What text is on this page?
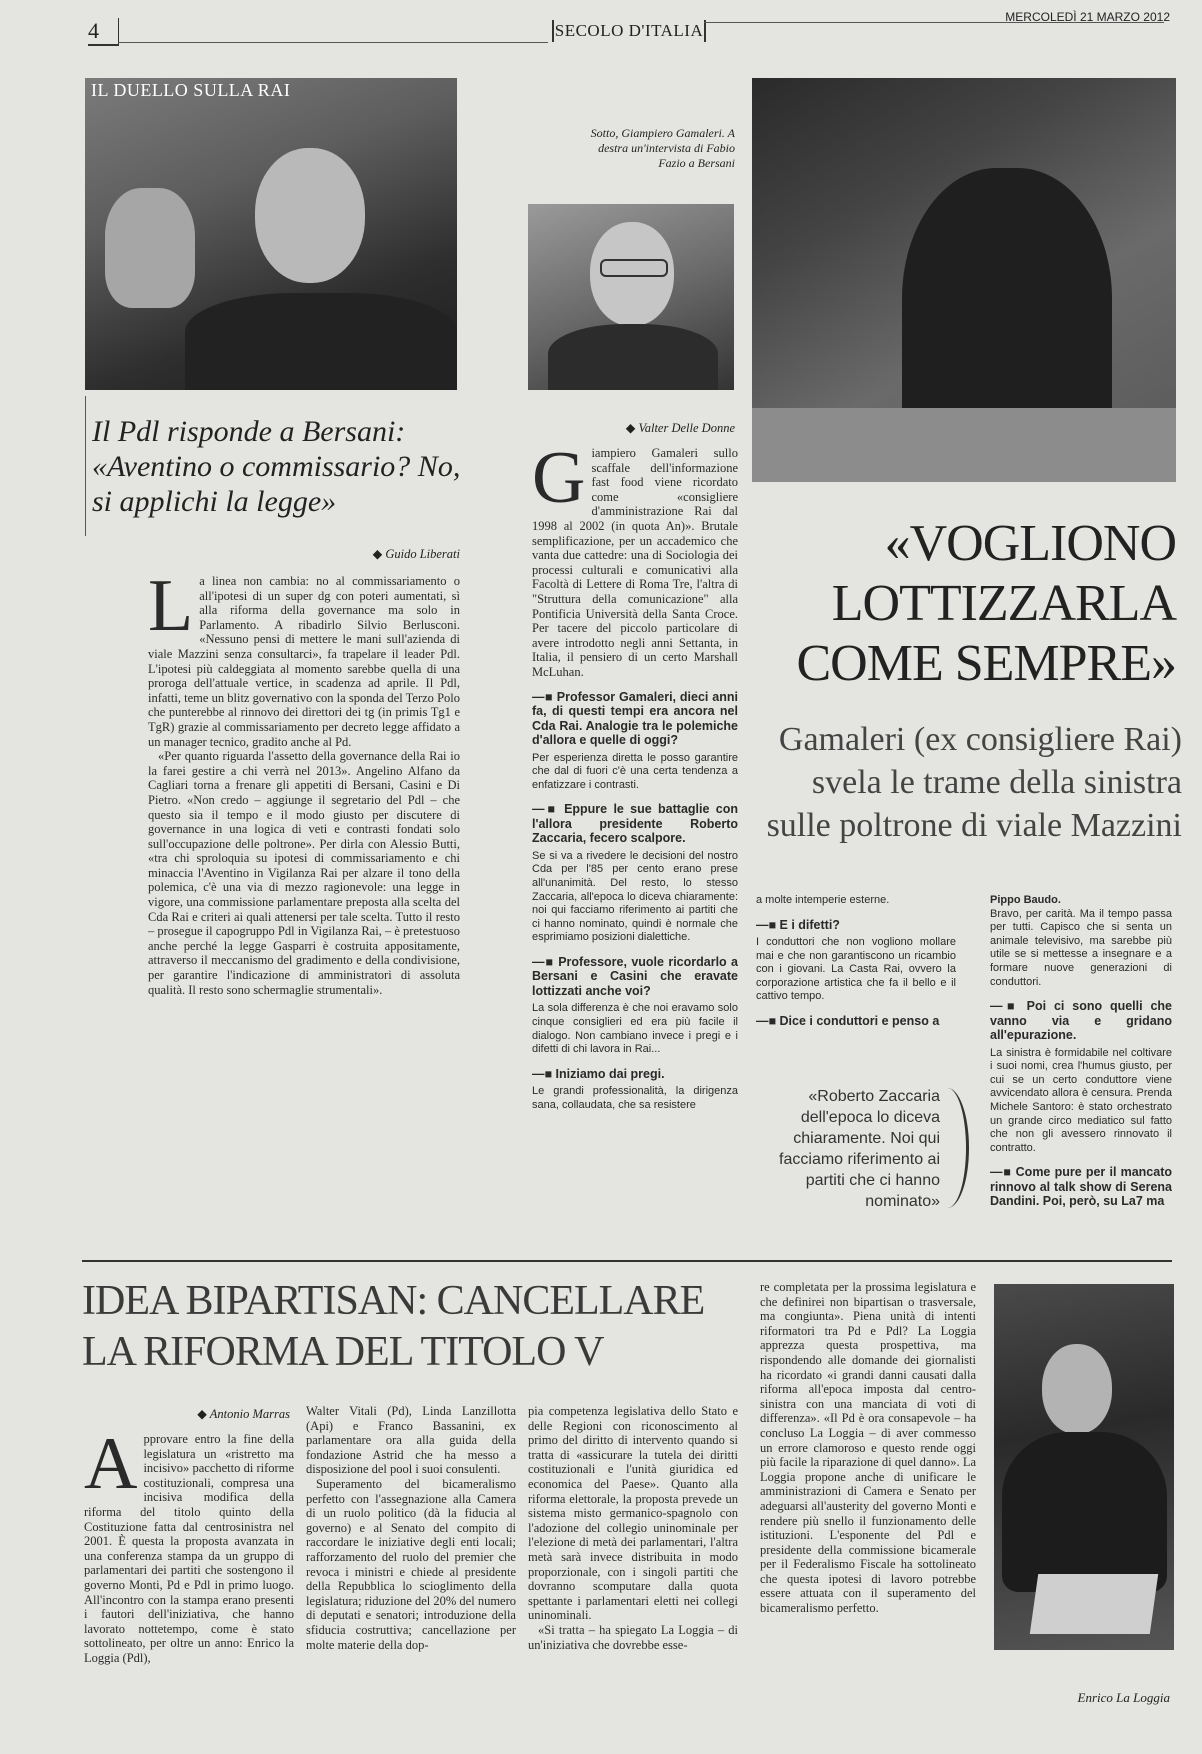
4	SECOLO D'ITALIA
MERCOLEDÌ 21 MARZO 2012
IL DUELLO SULLA RAI
Il Pdl risponde a Bersani: «Aventino o commissario? No, si applichi la legge»
◆ Guido Liberati
L a linea non cambia: no al commissariamento o all'ipotesi di un super dg con poteri aumentati, sì alla riforma della governance ma solo in Parlamento. A ribadirlo Silvio Berlusconi. «Nessuno pensi di mettere le mani sull'azienda di viale Mazzini senza consultarci», fa trapelare il leader Pdl. L'ipotesi più caldeggiata al momento sarebbe quella di una proroga dell'attuale vertice, in scadenza ad aprile. Il Pdl, infatti, teme un blitz governativo con la sponda del Terzo Polo che punterebbe al rinnovo dei direttori dei tg (in primis Tg1 e TgR) grazie al commissariamento per decreto legge affidato a un manager tecnico, gradito anche al Pd.

«Per quanto riguarda l'assetto della governance della Rai io la farei gestire a chi verrà nel 2013». Angelino Alfano da Cagliari torna a frenare gli appetiti di Bersani, Casini e Di Pietro. «Non credo – aggiunge il segretario del Pdl – che questo sia il tempo e il modo giusto per discutere di governance in una logica di veti e contrasti fondati solo sull'occupazione delle poltrone». Per dirla con Alessio Butti, «tra chi sproloquia su ipotesi di commissariamento e chi minaccia l'Aventino in Vigilanza Rai per alzare il tono della polemica, c'è una via di mezzo ragionevole: una legge in vigore, una commissione parlamentare preposta alla scelta del Cda Rai e criteri ai quali attenersi per tale scelta. Tutto il resto – prosegue il capogruppo Pdl in Vigilanza Rai, – è pretestuoso anche perché la legge Gasparri è costruita appositamente, attraverso il meccanismo del gradimento e della condivisione, per garantire l'indicazione di amministratori di assoluta qualità. Il resto sono schermaglie strumentali».

Sotto, Giampiero Gamaleri. A destra un'intervista di Fabio Fazio a Bersani
◆ Valter Delle Donne
G iampiero Gamaleri sullo scaffale dell'informazione fast food viene ricordato come «consigliere d'amministrazione Rai dal 1998 al 2002 (in quota An)». Brutale semplificazione, per un accademico che vanta due cattedre: una di Sociologia dei processi culturali e comunicativi alla Facoltà di Lettere di Roma Tre, l'altra di "Struttura della comunicazione" alla Pontificia Università della Santa Croce. Per tacere del piccolo particolare di avere introdotto negli anni Settanta, in Italia, il pensiero di un certo Marshall McLuhan.
—■ Professor Gamaleri, dieci anni fa, di questi tempi era ancora nel Cda Rai. Analogie tra le polemiche d'allora e quelle di oggi?
Per esperienza diretta le posso garantire che dal di fuori c'è una certa tendenza a enfatizzare i contrasti.
—■ Eppure le sue battaglie con l'allora presidente Roberto Zaccaria, fecero scalpore.
Se si va a rivedere le decisioni del nostro Cda per l'85 per cento erano prese all'unanimità. Del resto, lo stesso Zaccaria, all'epoca lo diceva chiaramente: noi qui facciamo riferimento ai partiti che ci hanno nominato, quindi è normale che esprimiamo posizioni dialettiche.
—■ Professore, vuole ricordarlo a Bersani e Casini che eravate lottizzati anche voi?
La sola differenza è che noi eravamo solo cinque consiglieri ed era più facile il dialogo. Non cambiano invece i pregi e i difetti di chi lavora in Rai...
—■ Iniziamo dai pregi.
Le grandi professionalità, la dirigenza sana, collaudata, che sa resistere
«VOGLIONO LOTTIZZARLA COME SEMPRE»
Gamaleri (ex consigliere Rai) svela le trame della sinistra sulle poltrone di viale Mazzini
a molte intemperie esterne.
—■ E i difetti?
I conduttori che non vogliono mollare mai e che non garantiscono un ricambio con i giovani. La Casta Rai, ovvero la corporazione artistica che fa il bello e il cattivo tempo.
—■ Dice i conduttori e penso a
«Roberto Zaccaria dell'epoca lo diceva chiaramente. Noi qui facciamo riferimento ai partiti che ci hanno nominato»
Pippo Baudo.
Bravo, per carità. Ma il tempo passa per tutti. Capisco che si senta un animale televisivo, ma sarebbe più utile se si mettesse a insegnare e a formare nuove generazioni di conduttori.
—■ Poi ci sono quelli che vanno via e gridano all'epurazione.
La sinistra è formidabile nel coltivare i suoi nomi, crea l'humus giusto, per cui se un certo conduttore viene avvicendato allora è censura. Prenda Michele Santoro: è stato orchestrato un grande circo mediatico sul fatto che non gli avessero rinnovato il contratto.
—■ Come pure per il mancato rinnovo al talk show di Serena Dandini. Poi, però, su La7 ma
IDEA BIPARTISAN: CANCELLARE LA RIFORMA DEL TITOLO V
◆ Antonio Marras
A pprovare entro la fine della legislatura un «ristretto ma incisivo» pacchetto di riforme costituzionali, compresa una incisiva modifica della riforma del titolo quinto della Costituzione fatta dal centrosinistra nel 2001. È questa la proposta avanzata in una conferenza stampa da un gruppo di parlamentari dei partiti che sostengono il governo Monti, Pd e Pdl in primo luogo. All'incontro con la stampa erano presenti i fautori dell'iniziativa, che hanno lavorato nottetempo, come è stato sottolineato, per oltre un anno: Enrico la Loggia (Pdl),
Walter Vitali (Pd), Linda Lanzillotta (Api) e Franco Bassanini, ex parlamentare ora alla guida della fondazione Astrid che ha messo a disposizione del pool i suoi consulenti.

Superamento del bicameralismo perfetto con l'assegnazione alla Camera di un ruolo politico (dà la fiducia al governo) e al Senato del compito di raccordare le iniziative degli enti locali; rafforzamento del ruolo del premier che revoca i ministri e chiede al presidente della Repubblica lo scioglimento della legislatura; riduzione del 20% del numero di deputati e senatori; introduzione della sfiducia costruttiva; cancellazione per molte materie della dop-

pia competenza legislativa dello Stato e delle Regioni con riconoscimento al primo del diritto di intervento quando si tratta di «assicurare la tutela dei diritti costituzionali e l'unità giuridica ed economica del Paese». Quanto alla riforma elettorale, la proposta prevede un sistema misto germanico-spagnolo con l'adozione del collegio uninominale per l'elezione di metà dei parlamentari, l'altra metà sarà invece distribuita in modo proporzionale, con i singoli partiti che dovranno scomputare dalla quota spettante i parlamentari eletti nei collegi uninominali.

«Si tratta – ha spiegato La Loggia – di un'iniziativa che dovrebbe esse-

re completata per la prossima legislatura e che definirei non bipartisan o trasversale, ma congiunta». Piena unità di intenti riformatori tra Pd e Pdl? La Loggia apprezza questa prospettiva, ma rispondendo alle domande dei giornalisti ha ricordato «i grandi danni causati dalla riforma all'epoca imposta dal centro-sinistra con una manciata di voti di differenza». «Il Pd è ora consapevole – ha concluso La Loggia – di aver commesso un errore clamoroso e questo rende oggi più facile la riparazione di quel danno». La Loggia propone anche di unificare le amministrazioni di Camera e Senato per adeguarsi all'austerity del governo Monti e rendere più snello il funzionamento delle istituzioni. L'esponente del Pdl e presidente della commissione bicamerale per il Federalismo Fiscale ha sottolineato che questa ipotesi di lavoro potrebbe essere attuata con il superamento del bicameralismo perfetto.
Enrico La Loggia
